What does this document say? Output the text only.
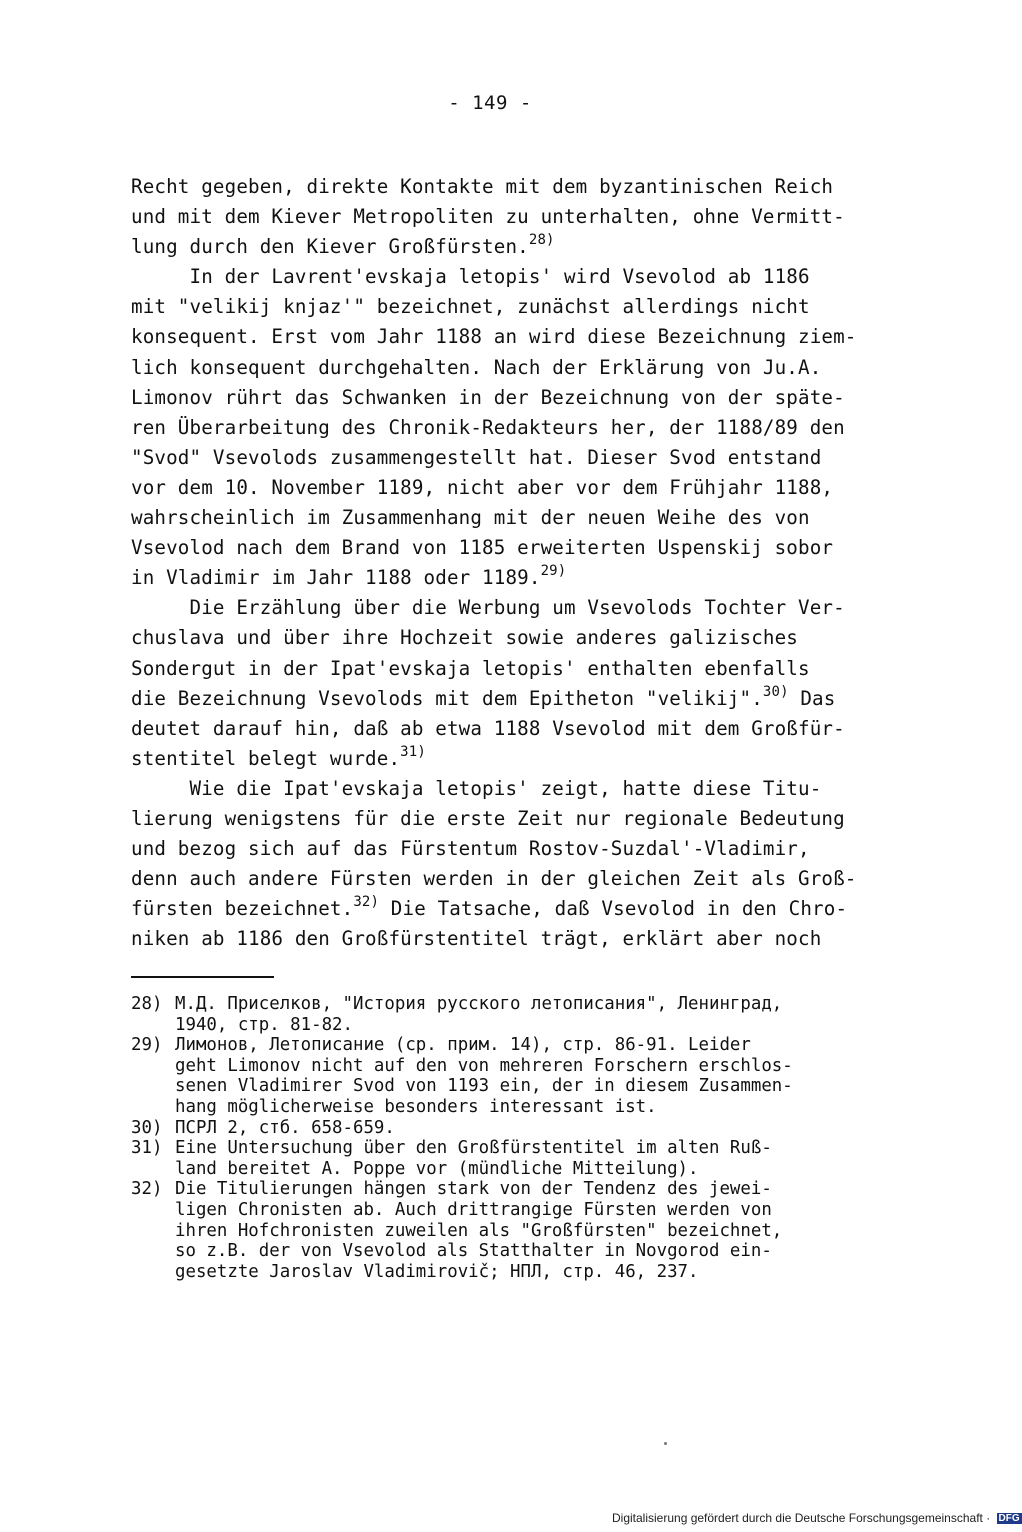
- 149 -
Recht gegeben, direkte Kontakte mit dem byzantinischen Reich
und mit dem Kiever Metropoliten zu unterhalten, ohne Vermitt-
lung durch den Kiever Großfürsten.$^{28)}$
In der Lavrent'evskaja letopis' wird Vsevolod ab 1186
mit "velikij knjaz'" bezeichnet, zunächst allerdings nicht
konsequent. Erst vom Jahr 1188 an wird diese Bezeichnung ziem-
lich konsequent durchgehalten. Nach der Erklärung von Ju.A.
Limonov rührt das Schwanken in der Bezeichnung von der späte-
ren Überarbeitung des Chronik-Redakteurs her, der 1188/89 den
"Svod" Vsevolods zusammengestellt hat. Dieser Svod entstand
vor dem 10. November 1189, nicht aber vor dem Frühjahr 1188,
wahrscheinlich im Zusammenhang mit der neuen Weihe des von
Vsevolod nach dem Brand von 1185 erweiterten Uspenskij sobor
in Vladimir im Jahr 1188 oder 1189.$^{29)}$
Die Erzählung über die Werbung um Vsevolods Tochter Ver-
chuslava und über ihre Hochzeit sowie anderes galizisches
Sondergut in der Ipat'evskaja letopis' enthalten ebenfalls
die Bezeichnung Vsevolods mit dem Epitheton "velikij".$^{30)}$ Das
deutet darauf hin, daß ab etwa 1188 Vsevolod mit dem Großfür-
stentitel belegt wurde.$^{31)}$
Wie die Ipat'evskaja letopis' zeigt, hatte diese Titu-
lierung wenigstens für die erste Zeit nur regionale Bedeutung
und bezog sich auf das Fürstentum Rostov-Suzdal'-Vladimir,
denn auch andere Fürsten werden in der gleichen Zeit als Groß-
fürsten bezeichnet.$^{32)}$ Die Tatsache, daß Vsevolod in den Chro-
niken ab 1186 den Großfürstentitel trägt, erklärt aber noch
28) М.Д. Приселков, "История русского летописания", Ленинград,
1940, стр. 81-82.
29) Лимонов, Летописание (ср. прим. 14), стр. 86-91. Leider
geht Limonov nicht auf den von mehreren Forschern erschlos-
senen Vladimirer Svod von 1193 ein, der in diesem Zusammen-
hang möglicherweise besonders interessant ist.
30) ПСРЛ 2, стб. 658-659.
31) Eine Untersuchung über den Großfürstentitel im alten Ruß-
land bereitet A. Poppe vor (mündliche Mitteilung).
32) Die Titulierungen hängen stark von der Tendenz des jewei-
ligen Chronisten ab. Auch drittrangige Fürsten werden von
ihren Hofchronisten zuweilen als "Großfürsten" bezeichnet,
so z.B. der von Vsevolod als Statthalter in Novgorod ein-
gesetzte Jaroslav Vladimirovič; НПЛ, стр. 46, 237.
Digitalisierung gefördert durch die Deutsche Forschungsgemeinschaft · DFG
